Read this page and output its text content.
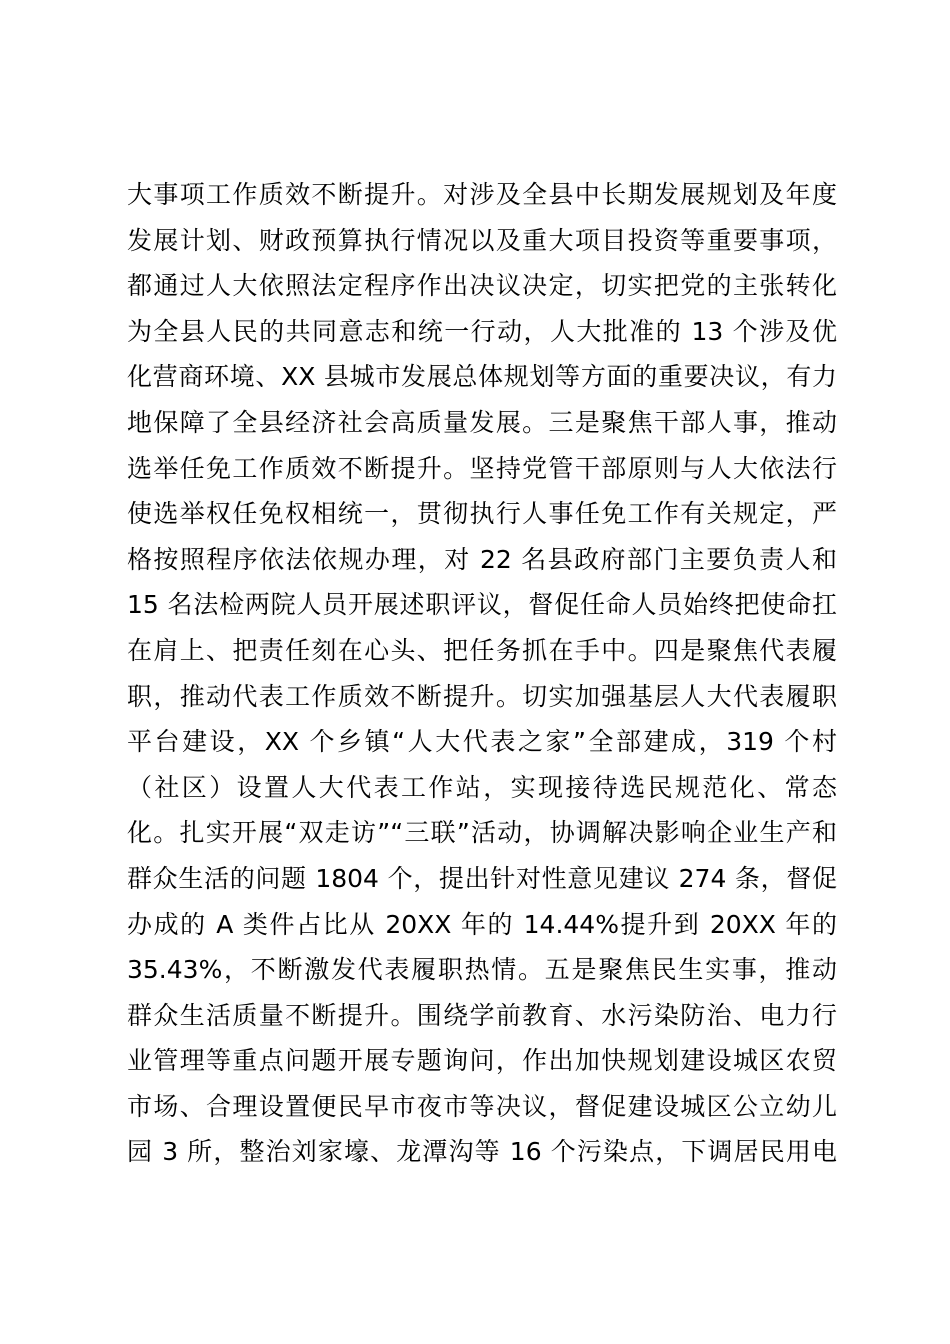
大事项工作质效不断提升。对涉及全县中长期发展规划及年度
发展计划、财政预算执行情况以及重大项目投资等重要事项，
都通过人大依照法定程序作出决议决定，切实把党的主张转化
为全县人民的共同意志和统一行动，人大批准的 13 个涉及优
化营商环境、XX 县城市发展总体规划等方面的重要决议，有力
地保障了全县经济社会高质量发展。三是聚焦干部人事，推动
选举任免工作质效不断提升。坚持党管干部原则与人大依法行
使选举权任免权相统一，贯彻执行人事任免工作有关规定，严
格按照程序依法依规办理，对 22 名县政府部门主要负责人和
15 名法检两院人员开展述职评议，督促任命人员始终把使命扛
在肩上、把责任刻在心头、把任务抓在手中。四是聚焦代表履
职，推动代表工作质效不断提升。切实加强基层人大代表履职
平台建设，XX 个乡镇“人大代表之家”全部建成，319 个村
（社区）设置人大代表工作站，实现接待选民规范化、常态
化。扎实开展“双走访”“三联”活动，协调解决影响企业生产和
群众生活的问题 1804 个，提出针对性意见建议 274 条，督促
办成的 A 类件占比从 20XX 年的 14.44%提升到 20XX 年的
35.43%，不断激发代表履职热情。五是聚焦民生实事，推动
群众生活质量不断提升。围绕学前教育、水污染防治、电力行
业管理等重点问题开展专题询问，作出加快规划建设城区农贸
市场、合理设置便民早市夜市等决议，督促建设城区公立幼儿
园 3 所，整治刘家壕、龙潭沟等 16 个污染点，下调居民用电
